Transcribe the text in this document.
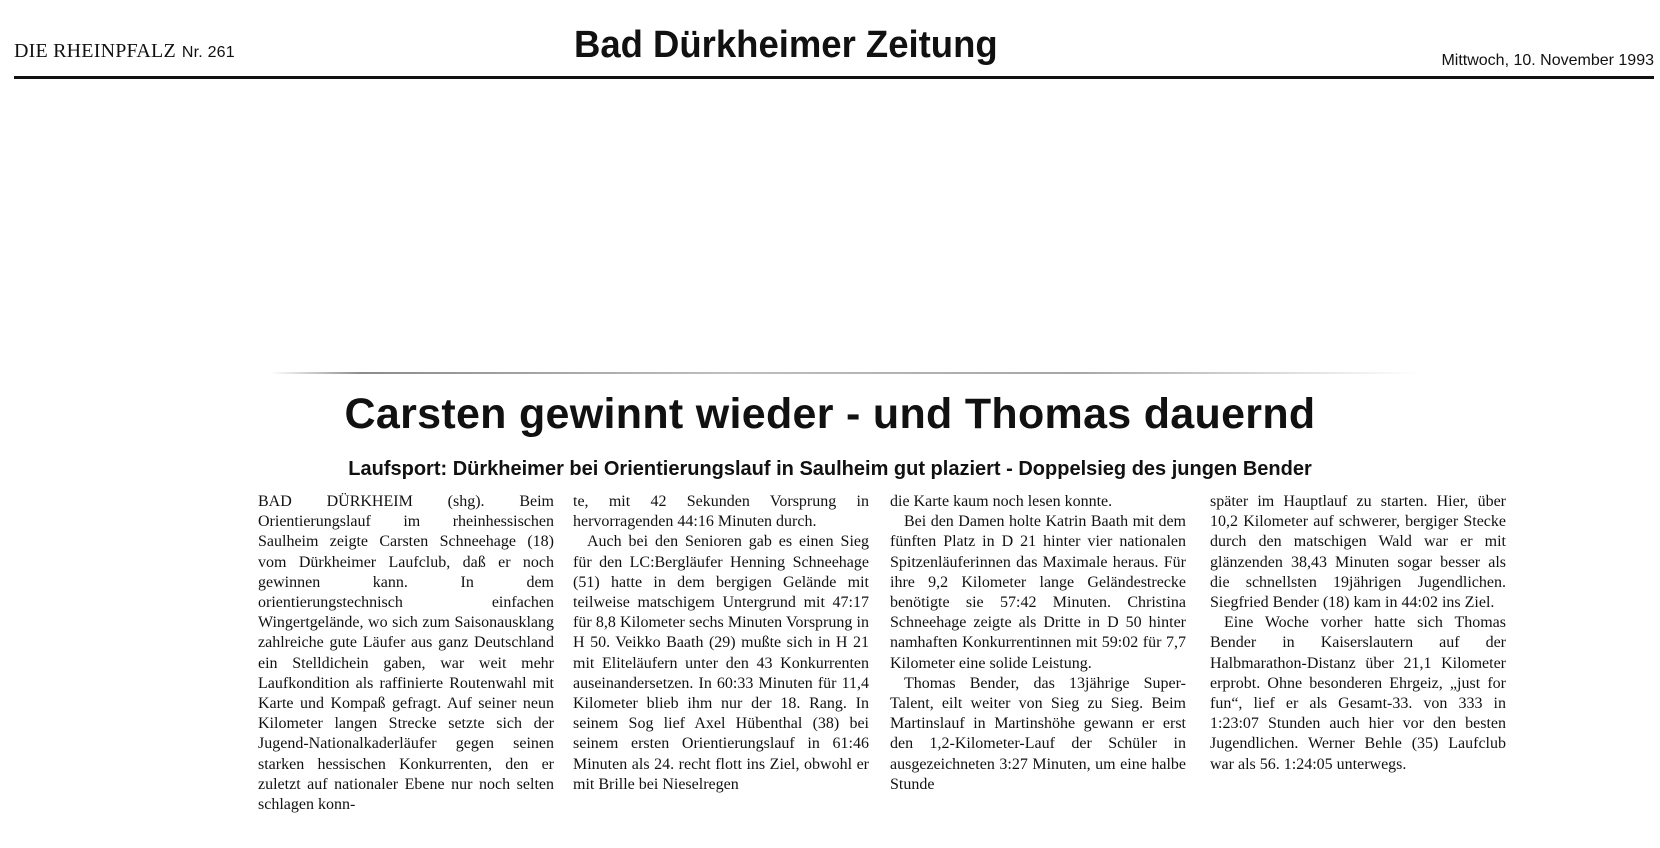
DIE RHEINPFALZ Nr. 261	Bad Dürkheimer Zeitung	Mittwoch, 10. November 1993
Carsten gewinnt wieder - und Thomas dauernd
Laufsport: Dürkheimer bei Orientierungslauf in Saulheim gut plaziert - Doppelsieg des jungen Bender

BAD DÜRKHEIM (shg). Beim Orientierungslauf im rheinhessischen Saulheim zeigte Carsten Schneehage (18) vom Dürkheimer Laufclub, daß er noch gewinnen kann. In dem orientierungstechnisch einfachen Wingertgelände, wo sich zum Saisonausklang zahlreiche gute Läufer aus ganz Deutschland ein Stelldichein gaben, war weit mehr Laufkondition als raffinierte Routenwahl mit Karte und Kompaß gefragt. Auf seiner neun Kilometer langen Strecke setzte sich der Jugend-Nationalkaderläufer gegen seinen starken hessischen Konkurrenten, den er zuletzt auf nationaler Ebene nur noch selten schlagen konn-

te, mit 42 Sekunden Vorsprung in hervorragenden 44:16 Minuten durch.

Auch bei den Senioren gab es einen Sieg für den LC:Bergläufer Henning Schneehage (51) hatte in dem bergigen Gelände mit teilweise matschigem Untergrund mit 47:17 für 8,8 Kilometer sechs Minuten Vorsprung in H 50. Veikko Baath (29) mußte sich in H 21 mit Eliteläufern unter den 43 Konkurrenten auseinandersetzen. In 60:33 Minuten für 11,4 Kilometer blieb ihm nur der 18. Rang. In seinem Sog lief Axel Hübenthal (38) bei seinem ersten Orientierungslauf in 61:46 Minuten als 24. recht flott ins Ziel, obwohl er mit Brille bei Nieselregen

die Karte kaum noch lesen konnte.

Bei den Damen holte Katrin Baath mit dem fünften Platz in D 21 hinter vier nationalen Spitzenläuferinnen das Maximale heraus. Für ihre 9,2 Kilometer lange Geländestrecke benötigte sie 57:42 Minuten. Christina Schneehage zeigte als Dritte in D 50 hinter namhaften Konkurrentinnen mit 59:02 für 7,7 Kilometer eine solide Leistung.

Thomas Bender, das 13jährige Super-Talent, eilt weiter von Sieg zu Sieg. Beim Martinslauf in Martinshöhe gewann er erst den 1,2-Kilometer-Lauf der Schüler in ausgezeichneten 3:27 Minuten, um eine halbe Stunde

später im Hauptlauf zu starten. Hier, über 10,2 Kilometer auf schwerer, bergiger Stecke durch den matschigen Wald war er mit glänzenden 38,43 Minuten sogar besser als die schnellsten 19jährigen Jugendlichen. Siegfried Bender (18) kam in 44:02 ins Ziel.

Eine Woche vorher hatte sich Thomas Bender in Kaiserslautern auf der Halbmarathon-Distanz über 21,1 Kilometer erprobt. Ohne besonderen Ehrgeiz, „just for fun“, lief er als Gesamt-33. von 333 in 1:23:07 Stunden auch hier vor den besten Jugendlichen. Werner Behle (35) Laufclub war als 56. 1:24:05 unterwegs.
